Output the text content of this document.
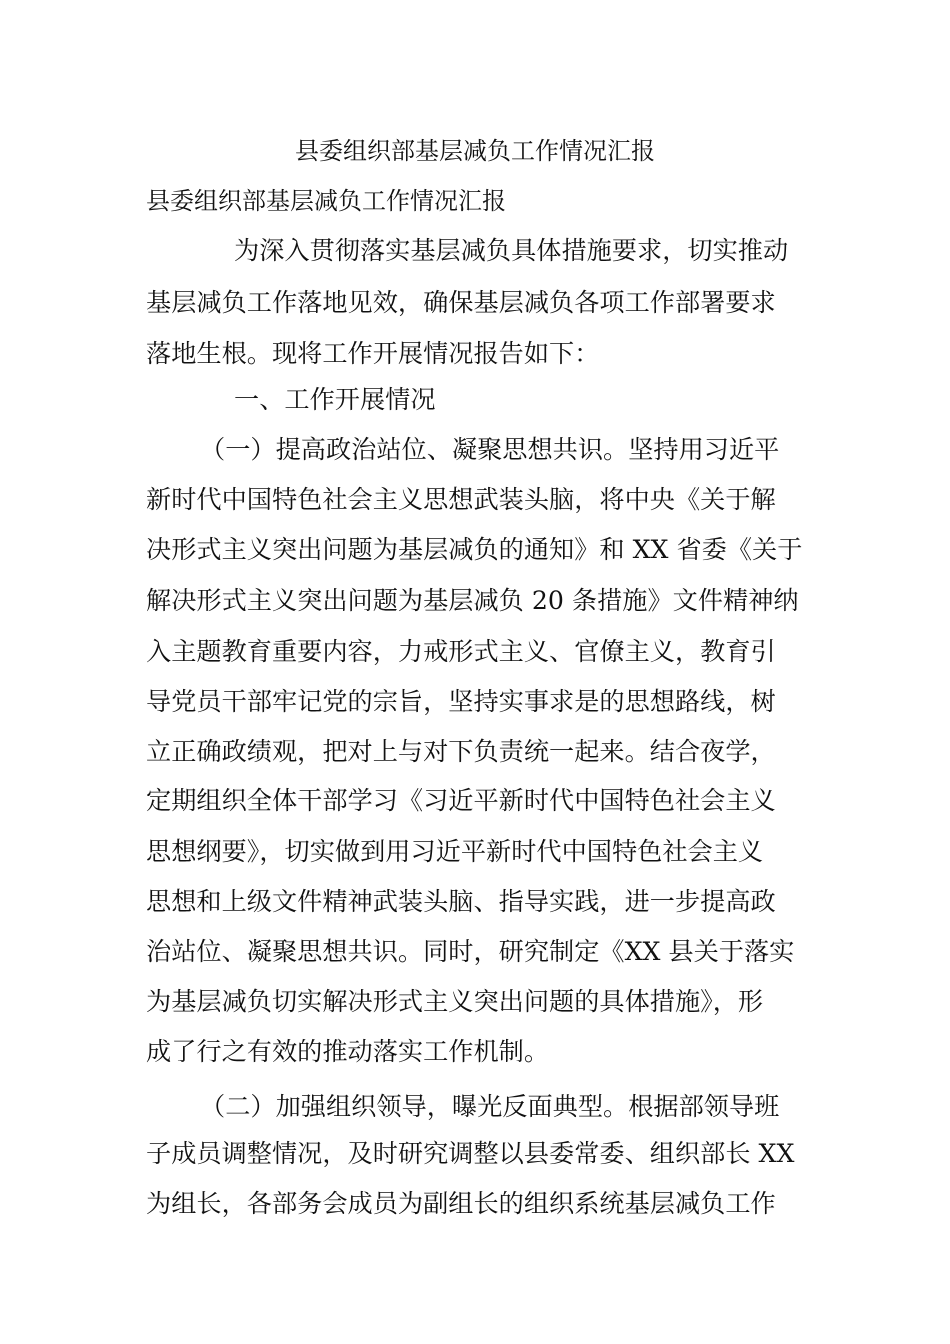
县委组织部基层减负工作情况汇报
县委组织部基层减负工作情况汇报
为深入贯彻落实基层减负具体措施要求，切实推动
基层减负工作落地见效，确保基层减负各项工作部署要求
落地生根。现将工作开展情况报告如下：
一、工作开展情况
（一）提高政治站位、凝聚思想共识。坚持用习近平
新时代中国特色社会主义思想武装头脑，将中央《关于解
决形式主义突出问题为基层减负的通知》和 XX 省委《关于
解决形式主义突出问题为基层减负 20 条措施》文件精神纳
入主题教育重要内容，力戒形式主义、官僚主义，教育引
导党员干部牢记党的宗旨，坚持实事求是的思想路线，树
立正确政绩观，把对上与对下负责统一起来。结合夜学，
定期组织全体干部学习《习近平新时代中国特色社会主义
思想纲要》，切实做到用习近平新时代中国特色社会主义
思想和上级文件精神武装头脑、指导实践，进一步提高政
治站位、凝聚思想共识。同时，研究制定《XX 县关于落实
为基层减负切实解决形式主义突出问题的具体措施》，形
成了行之有效的推动落实工作机制。
（二）加强组织领导，曝光反面典型。根据部领导班
子成员调整情况，及时研究调整以县委常委、组织部长 XX
为组长，各部务会成员为副组长的组织系统基层减负工作
